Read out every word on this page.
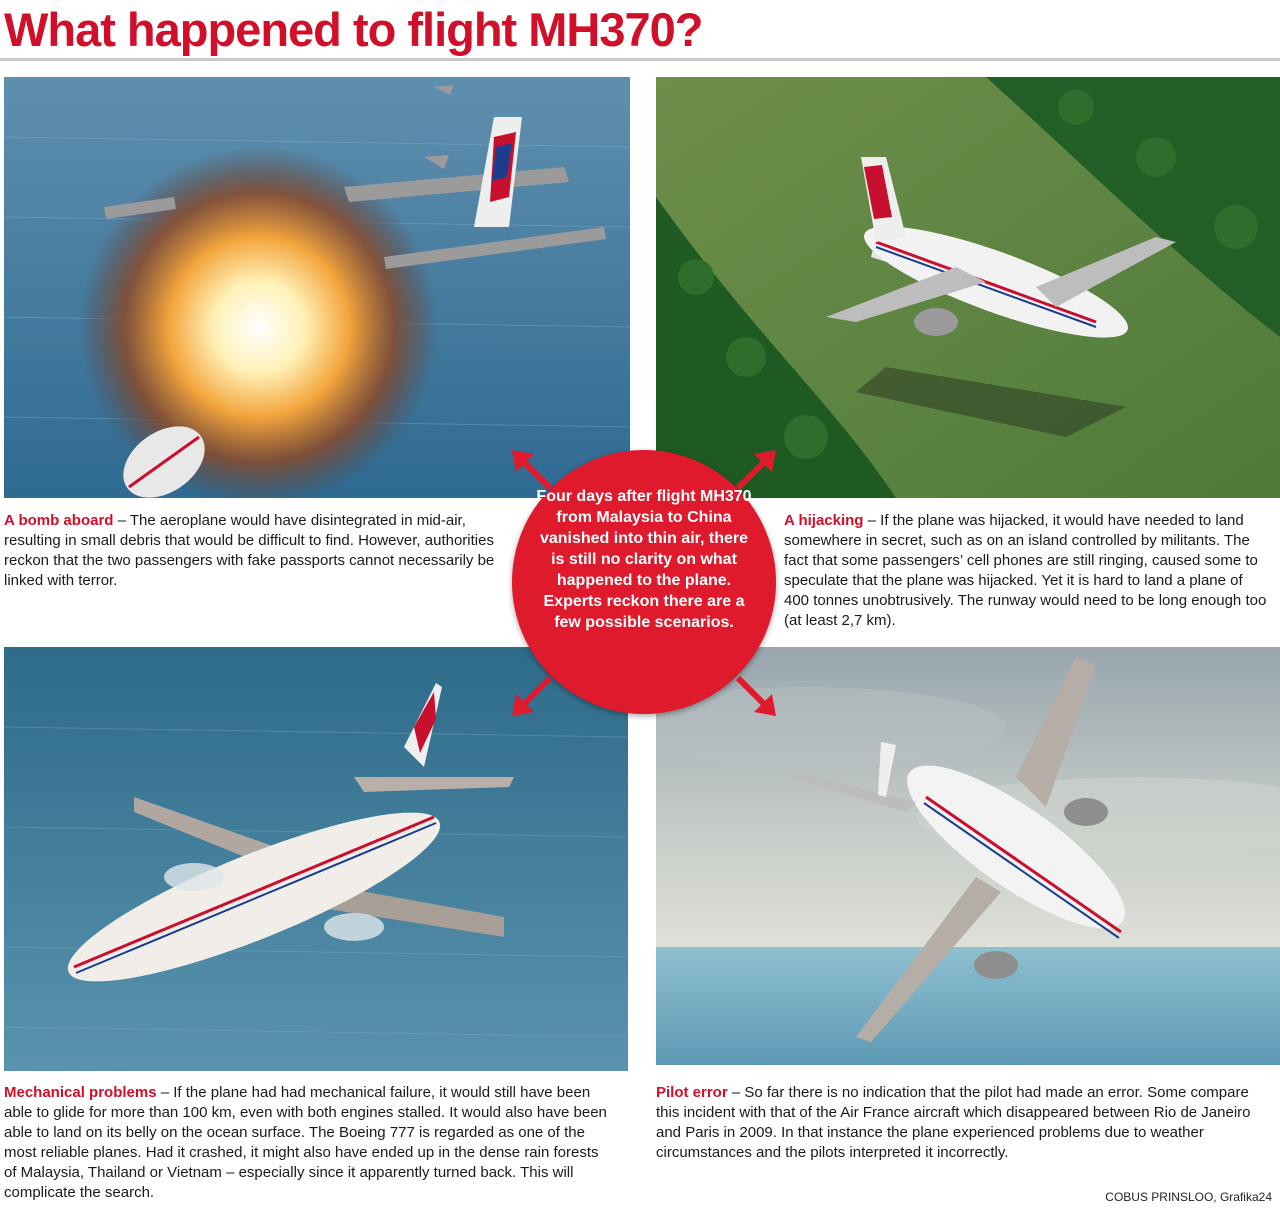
What happened to flight MH370?

A bomb aboard – The aeroplane would have disintegrated in mid-air, resulting in small debris that would be difficult to find. However, authorities reckon that the two passengers with fake passports cannot necessarily be linked with terror.

A hijacking – If the plane was hijacked, it would have needed to land somewhere in secret, such as on an island controlled by militants. The fact that some passengers’ cell phones are still ringing, caused some to speculate that the plane was hijacked. Yet it is hard to land a plane of 400 tonnes unobtrusively. The runway would need to be long enough too (at least 2,7 km).

Mechanical problems – If the plane had had mechanical failure, it would still have been able to glide for more than 100 km, even with both engines stalled. It would also have been able to land on its belly on the ocean surface. The Boeing 777 is regarded as one of the most reliable planes. Had it crashed, it might also have ended up in the dense rain forests of Malaysia, Thailand or Vietnam – especially since it apparently turned back. This will complicate the search.

Pilot error – So far there is no indication that the pilot had made an error. Some compare this incident with that of the Air France aircraft which disappeared between Rio de Janeiro and Paris in 2009. In that instance the plane experienced problems due to weather circumstances and the pilots interpreted it incorrectly.

Four days after flight MH370 from Malaysia to China vanished into thin air, there is still no clarity on what happened to the plane. Experts reckon there are a few possible scenarios.

COBUS PRINSLOO, Grafika24
